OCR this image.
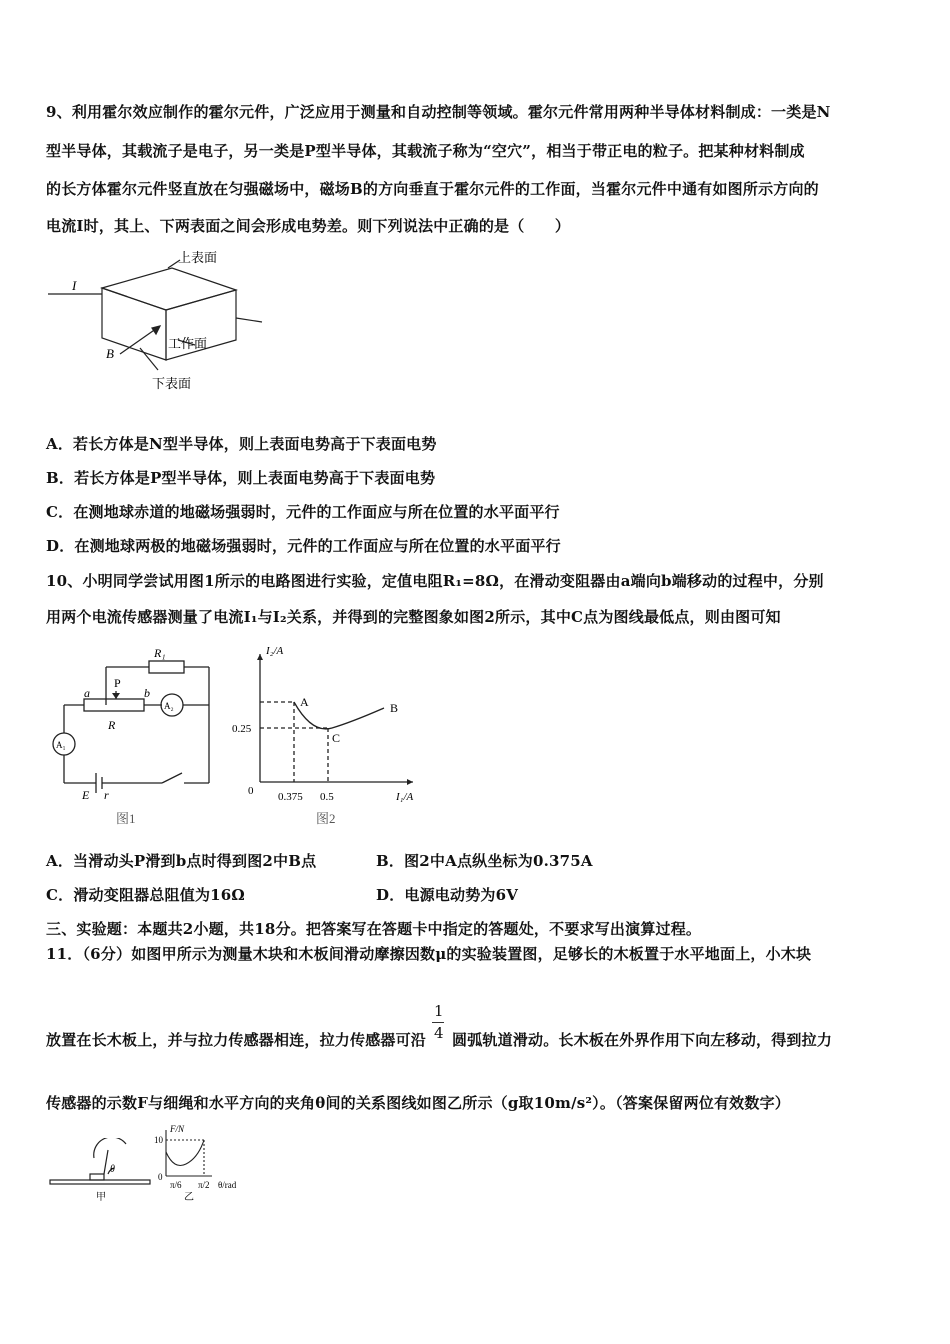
9、利用霍尔效应制作的霍尔元件，广泛应用于测量和自动控制等领域。霍尔元件常用两种半导体材料制成：一类是N
型半导体，其载流子是电子，另一类是P型半导体，其载流子称为“空穴”，相当于带正电的粒子。把某种材料制成
的长方体霍尔元件竖直放在匀强磁场中，磁场B的方向垂直于霍尔元件的工作面，当霍尔元件中通有如图所示方向的
电流I时，其上、下两表面之间会形成电势差。则下列说法中正确的是（　　）
上表面
工作面
下表面
I
B
A．若长方体是N型半导体，则上表面电势高于下表面电势
B．若长方体是P型半导体，则上表面电势高于下表面电势
C．在测地球赤道的地磁场强弱时，元件的工作面应与所在位置的水平面平行
D．在测地球两极的地磁场强弱时，元件的工作面应与所在位置的水平面平行
10、小明同学尝试用图1所示的电路图进行实验，定值电阻R₁=8Ω，在滑动变阻器由a端向b端移动的过程中，分别
用两个电流传感器测量了电流I₁与I₂关系，并得到的完整图象如图2所示，其中C点为图线最低点，则由图可知
R₁
a
P
b
R
A₂
A₁
E r
图1
I₂/A
I₁/A
0
0.25
0.375 0.5
A	B
C
图2
A．当滑动头P滑到b点时得到图2中B点	B．图2中A点纵坐标为0.375A
C．滑动变阻器总阻值为16Ω	D．电源电动势为6V
三、实验题：本题共2小题，共18分。把答案写在答题卡中指定的答题处，不要求写出演算过程。
11．（6分）如图甲所示为测量木块和木板间滑动摩擦因数μ的实验装置图，足够长的木板置于水平地面上，小木块
放置在长木板上，并与拉力传感器相连，拉力传感器可沿 $\frac{1}{4}$ 圆弧轨道滑动。长木板在外界作用下向左移动，得到拉力
传感器的示数F与细绳和水平方向的夹角θ间的关系图线如图乙所示（g取10m/s²）。（答案保留两位有效数字）
θ
甲
F/N
10
0
π/6 π/2 θ/rad
乙
